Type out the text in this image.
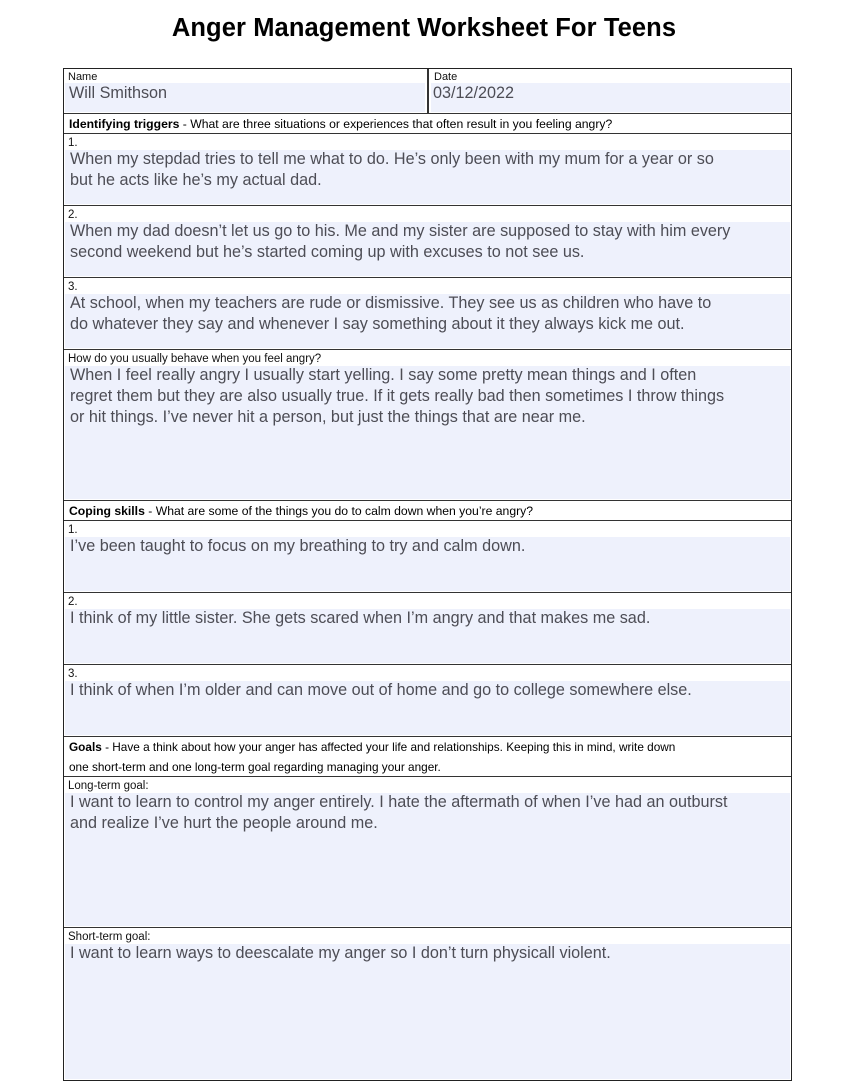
Anger Management Worksheet For Teens
Name
Will Smithson
Date
03/12/2022
Identifying triggers - What are three situations or experiences that often result in you feeling angry?
1.
When my stepdad tries to tell me what to do. He’s only been with my mum for a year or so
but he acts like he’s my actual dad.
2.
When my dad doesn’t let us go to his. Me and my sister are supposed to stay with him every
second weekend but he’s started coming up with excuses to not see us.
3.
At school, when my teachers are rude or dismissive. They see us as children who have to
do whatever they say and whenever I say something about it they always kick me out.
How do you usually behave when you feel angry?
When I feel really angry I usually start yelling. I say some pretty mean things and I often
regret them but they are also usually true. If it gets really bad then sometimes I throw things
or hit things. I’ve never hit a person, but just the things that are near me.
Coping skills - What are some of the things you do to calm down when you’re angry?
1.
I’ve been taught to focus on my breathing to try and calm down.
2.
I think of my little sister. She gets scared when I’m angry and that makes me sad.
3.
I think of when I’m older and can move out of home and go to college somewhere else.
Goals - Have a think about how your anger has affected your life and relationships. Keeping this in mind, write down
one short-term and one long-term goal regarding managing your anger.
Long-term goal:
I want to learn to control my anger entirely. I hate the aftermath of when I’ve had an outburst
and realize I’ve hurt the people around me.
Short-term goal:
I want to learn ways to deescalate my anger so I don’t turn physicall violent.
